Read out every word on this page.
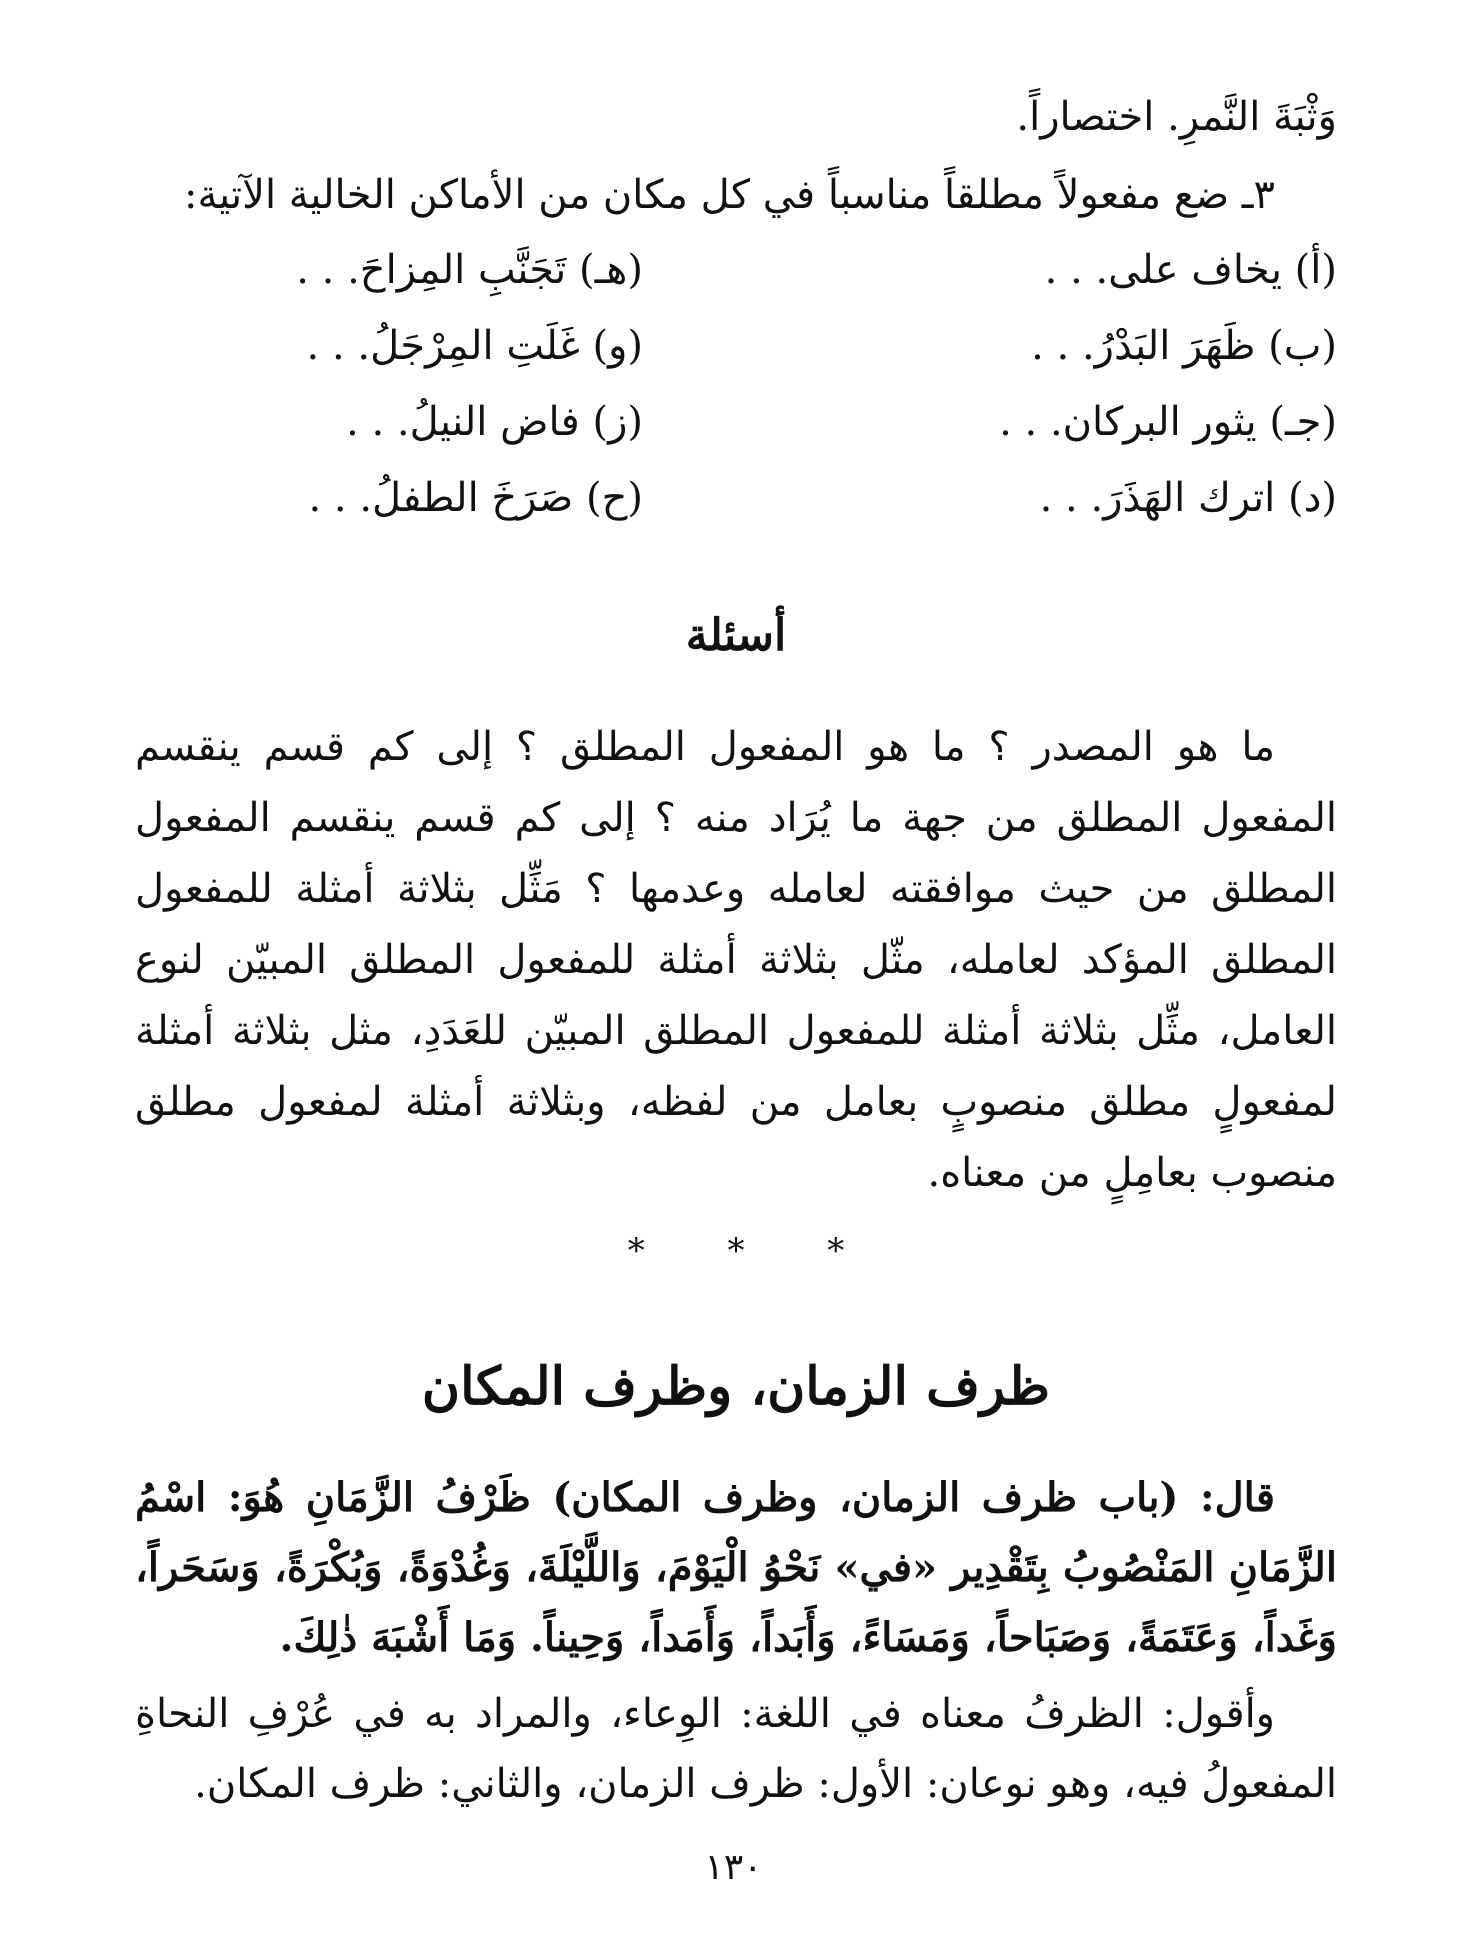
وَثْبَةَ النَّمرِ. اختصاراً.

٣ـ ضع مفعولاً مطلقاً مناسباً في كل مكان من الأماكن الخالية الآتية:

(أ) يخاف على. . .
(هـ) تَجَنَّبِ المِزاحَ. . .
(ب) ظَهَرَ البَدْرُ. . .
(و) غَلَتِ المِرْجَلُ. . .
(جـ) يثور البركان. . .
(ز) فاض النيلُ. . .
(د) اترك الهَذَرَ. . .
(ح) صَرَخَ الطفلُ. . .
أسئلة

ما هو المصدر ؟ ما هو المفعول المطلق ؟ إلى كم قسم ينقسم المفعول المطلق من جهة ما يُرَاد منه ؟ إلى كم قسم ينقسم المفعول المطلق من حيث موافقته لعامله وعدمها ؟ مَثِّل بثلاثة أمثلة للمفعول المطلق المؤكد لعامله، مثّل بثلاثة أمثلة للمفعول المطلق المبيّن لنوع العامل، مثِّل بثلاثة أمثلة للمفعول المطلق المبيّن للعَدَدِ، مثل بثلاثة أمثلة لمفعولٍ مطلق منصوبٍ بعامل من لفظه، وبثلاثة أمثلة لمفعول مطلق منصوب بعامِلٍ من معناه.

* * *
ظرف الزمان، وظرف المكان

قال: (باب ظرف الزمان، وظرف المكان) ظَرْفُ الزَّمَانِ هُوَ: اسْمُ الزَّمَانِ المَنْصُوبُ بِتَقْدِير «في» نَحْوُ الْيَوْمَ، وَاللَّيْلَةَ، وَغُدْوَةً، وَبُكْرَةً، وَسَحَراً، وَغَداً، وَعَتَمَةً، وَصَبَاحاً، وَمَسَاءً، وَأَبَداً، وَأَمَداً، وَحِيناً. وَمَا أَشْبَهَ ذٰلِكَ.

وأقول: الظرفُ معناه في اللغة: الوِعاء، والمراد به في عُرْفِ النحاةِ المفعولُ فيه، وهو نوعان: الأول: ظرف الزمان، والثاني: ظرف المكان.

١٣٠
